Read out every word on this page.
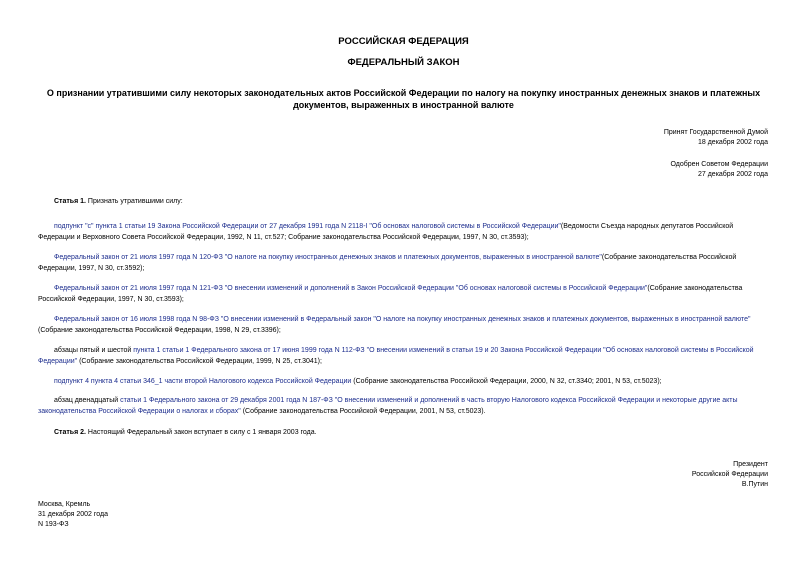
РОССИЙСКАЯ ФЕДЕРАЦИЯ
ФЕДЕРАЛЬНЫЙ ЗАКОН
О признании утратившими силу некоторых законодательных актов Российской Федерации по налогу на покупку иностранных денежных знаков и платежных
документов, выраженных в иностранной валюте
Принят Государственной Думой
18 декабря 2002 года
Одобрен Советом Федерации
27 декабря 2002 года
Статья 1. Признать утратившими силу:
подпункт "с" пункта 1 статьи 19 Закона Российской Федерации от 27 декабря 1991 года N 2118-I "Об основах налоговой системы в Российской Федерации"(Ведомости Съезда народных депутатов Российской Федерации и Верховного Совета Российской Федерации, 1992, N 11, ст.527; Собрание законодательства Российской Федерации, 1997, N 30, ст.3593);
Федеральный закон от 21 июля 1997 года N 120-ФЗ "О налоге на покупку иностранных денежных знаков и платежных документов, выраженных в иностранной валюте"(Собрание законодательства Российской Федерации, 1997, N 30, ст.3592);
Федеральный закон от 21 июля 1997 года N 121-ФЗ "О внесении изменений и дополнений в Закон Российской Федерации "Об основах налоговой системы в Российской Федерации"(Собрание законодательства Российской Федерации, 1997, N 30, ст.3593);
Федеральный закон от 16 июля 1998 года N 98-ФЗ "О внесении изменений в Федеральный закон "О налоге на покупку иностранных денежных знаков и платежных документов, выраженных в иностранной валюте" (Собрание законодательства Российской Федерации, 1998, N 29, ст.3396);
абзацы пятый и шестой пункта 1 статьи 1 Федерального закона от 17 июня 1999 года N 112-ФЗ "О внесении изменений в статьи 19 и 20 Закона Российской Федерации "Об основах налоговой системы в Российской Федерации" (Собрание законодательства Российской Федерации, 1999, N 25, ст.3041);
подпункт 4 пункта 4 статьи 346_1 части второй Налогового кодекса Российской Федерации (Собрание законодательства Российской Федерации, 2000, N 32, ст.3340; 2001, N 53, ст.5023);
абзац двенадцатый статьи 1 Федерального закона от 29 декабря 2001 года N 187-ФЗ "О внесении изменений и дополнений в часть вторую Налогового кодекса Российской Федерации и некоторые другие акты законодательства Российской Федерации о налогах и сборах" (Собрание законодательства Российской Федерации, 2001, N 53, ст.5023).
Статья 2. Настоящий Федеральный закон вступает в силу с 1 января 2003 года.
Президент
Российской Федерации
В.Путин
Москва, Кремль
31 декабря 2002 года
N 193-ФЗ
